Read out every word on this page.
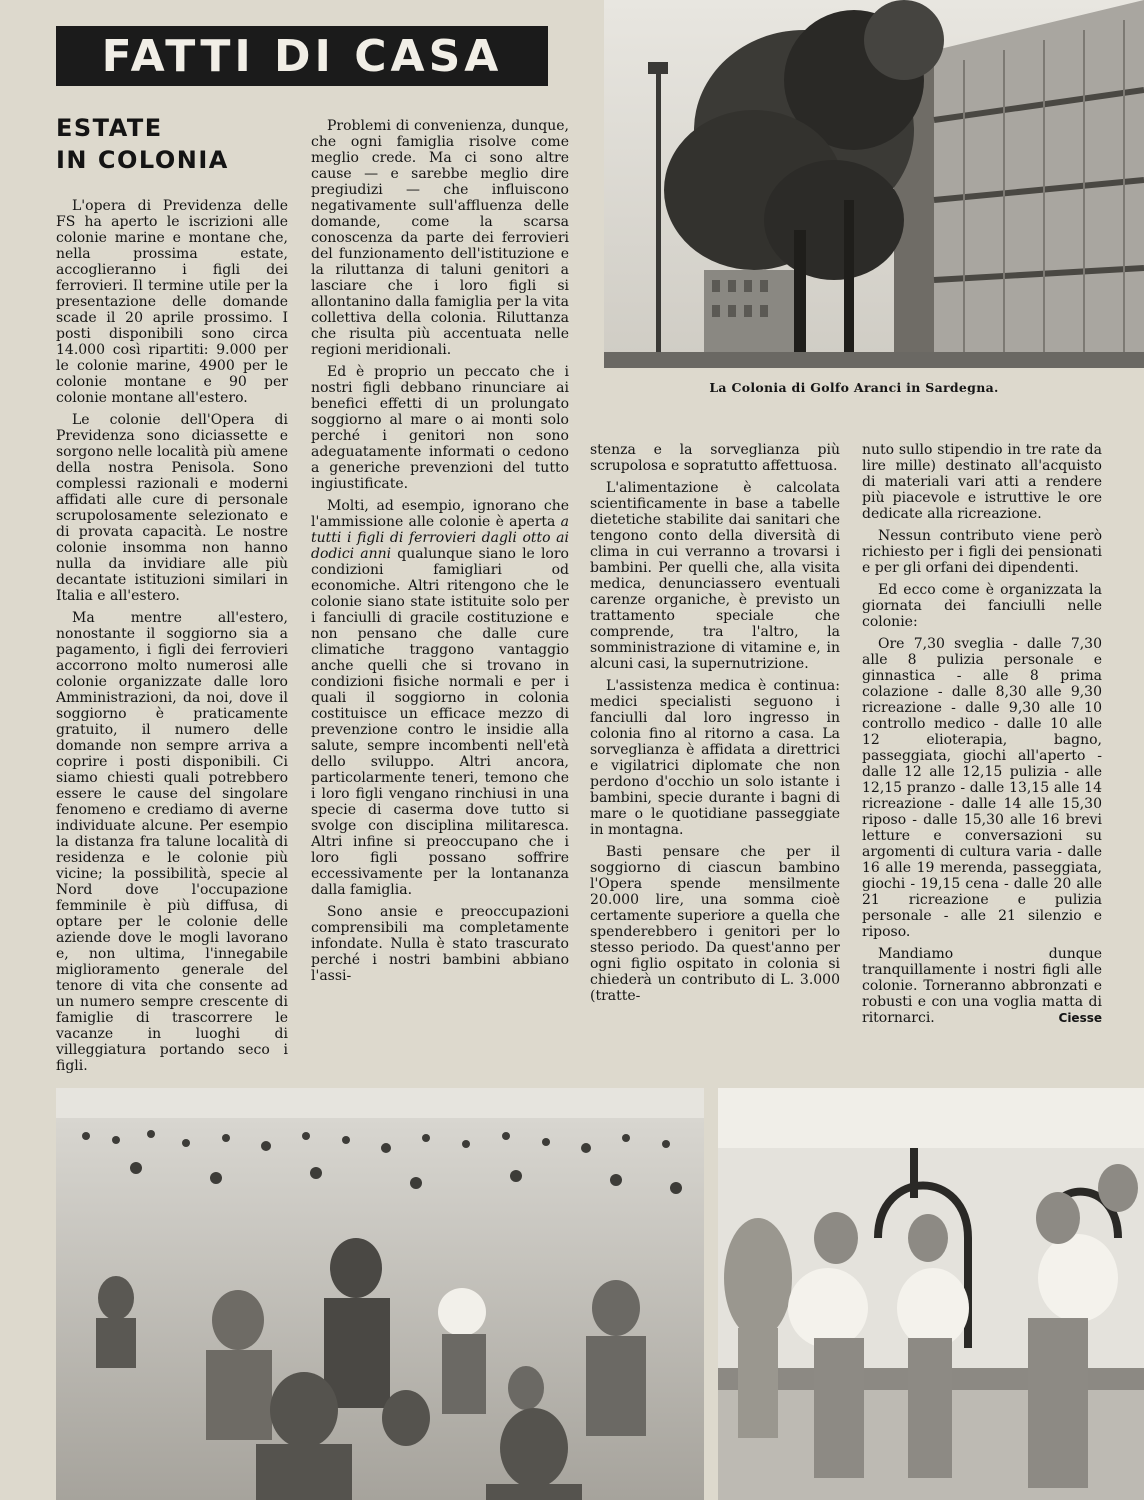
FATTI DI CASA
ESTATE
IN COLONIA

L'opera di Previdenza delle FS ha aperto le iscrizioni alle colonie marine e montane che, nella prossima estate, accoglieranno i figli dei ferrovieri. Il termine utile per la presentazione delle domande scade il 20 aprile prossimo. I posti disponibili sono circa 14.000 così ripartiti: 9.000 per le colonie marine, 4900 per le colonie montane e 90 per colonie montane all'estero.

Le colonie dell'Opera di Previdenza sono diciassette e sorgono nelle località più amene della nostra Penisola. Sono complessi razionali e moderni affidati alle cure di personale scrupolosamente selezionato e di provata capacità. Le nostre colonie insomma non hanno nulla da invidiare alle più decantate istituzioni similari in Italia e all'estero.

Ma mentre all'estero, nonostante il soggiorno sia a pagamento, i figli dei ferrovieri accorrono molto numerosi alle colonie organizzate dalle loro Amministrazioni, da noi, dove il soggiorno è praticamente gratuito, il numero delle domande non sempre arriva a coprire i posti disponibili. Ci siamo chiesti quali potrebbero essere le cause del singolare fenomeno e crediamo di averne individuate alcune. Per esempio la distanza fra talune località di residenza e le colonie più vicine; la possibilità, specie al Nord dove l'occupazione femminile è più diffusa, di optare per le colonie delle aziende dove le mogli lavorano e, non ultima, l'innegabile miglioramento generale del tenore di vita che consente ad un numero sempre crescente di famiglie di trascorrere le vacanze in luoghi di villeggiatura portando seco i figli.

Problemi di convenienza, dunque, che ogni famiglia risolve come meglio crede. Ma ci sono altre cause — e sarebbe meglio dire pregiudizi — che influiscono negativamente sull'affluenza delle domande, come la scarsa conoscenza da parte dei ferrovieri del funzionamento dell'istituzione e la riluttanza di taluni genitori a lasciare che i loro figli si allontanino dalla famiglia per la vita collettiva della colonia. Riluttanza che risulta più accentuata nelle regioni meridionali.

Ed è proprio un peccato che i nostri figli debbano rinunciare ai benefici effetti di un prolungato soggiorno al mare o ai monti solo perché i genitori non sono adeguatamente informati o cedono a generiche prevenzioni del tutto ingiustificate.

Molti, ad esempio, ignorano che l'ammissione alle colonie è aperta a tutti i figli di ferrovieri dagli otto ai dodici anni qualunque siano le loro condizioni famigliari od economiche. Altri ritengono che le colonie siano state istituite solo per i fanciulli di gracile costituzione e non pensano che dalle cure climatiche traggono vantaggio anche quelli che si trovano in condizioni fisiche normali e per i quali il soggiorno in colonia costituisce un efficace mezzo di prevenzione contro le insidie alla salute, sempre incombenti nell'età dello sviluppo. Altri ancora, particolarmente teneri, temono che i loro figli vengano rinchiusi in una specie di caserma dove tutto si svolge con disciplina militaresca. Altri infine si preoccupano che i loro figli possano soffrire eccessivamente per la lontananza dalla famiglia.

Sono ansie e preoccupazioni comprensibili ma completamente infondate. Nulla è stato trascurato perché i nostri bambini abbiano l'assi-

stenza e la sorveglianza più scrupolosa e sopratutto affettuosa.

L'alimentazione è calcolata scientificamente in base a tabelle dietetiche stabilite dai sanitari che tengono conto della diversità di clima in cui verranno a trovarsi i bambini. Per quelli che, alla visita medica, denunciassero eventuali carenze organiche, è previsto un trattamento speciale che comprende, tra l'altro, la somministrazione di vitamine e, in alcuni casi, la supernutrizione.

L'assistenza medica è continua: medici specialisti seguono i fanciulli dal loro ingresso in colonia fino al ritorno a casa. La sorveglianza è affidata a direttrici e vigilatrici diplomate che non perdono d'occhio un solo istante i bambini, specie durante i bagni di mare o le quotidiane passeggiate in montagna.

Basti pensare che per il soggiorno di ciascun bambino l'Opera spende mensilmente 20.000 lire, una somma cioè certamente superiore a quella che spenderebbero i genitori per lo stesso periodo. Da quest'anno per ogni figlio ospitato in colonia si chiederà un contributo di L. 3.000 (tratte-

nuto sullo stipendio in tre rate da lire mille) destinato all'acquisto di materiali vari atti a rendere più piacevole e istruttive le ore dedicate alla ricreazione.

Nessun contributo viene però richiesto per i figli dei pensionati e per gli orfani dei dipendenti.

Ed ecco come è organizzata la giornata dei fanciulli nelle colonie:

Ore 7,30 sveglia - dalle 7,30 alle 8 pulizia personale e ginnastica - alle 8 prima colazione - dalle 8,30 alle 9,30 ricreazione - dalle 9,30 alle 10 controllo medico - dalle 10 alle 12 elioterapia, bagno, passeggiata, giochi all'aperto - dalle 12 alle 12,15 pulizia - alle 12,15 pranzo - dalle 13,15 alle 14 ricreazione - dalle 14 alle 15,30 riposo - dalle 15,30 alle 16 brevi letture e conversazioni su argomenti di cultura varia - dalle 16 alle 19 merenda, passeggiata, giochi - 19,15 cena - dalle 20 alle 21 ricreazione e pulizia personale - alle 21 silenzio e riposo.

Mandiamo dunque tranquillamente i nostri figli alle colonie. Torneranno abbronzati e robusti e con una voglia matta di ritornarci.	Ciesse

La Colonia di Golfo Aranci in Sardegna.
